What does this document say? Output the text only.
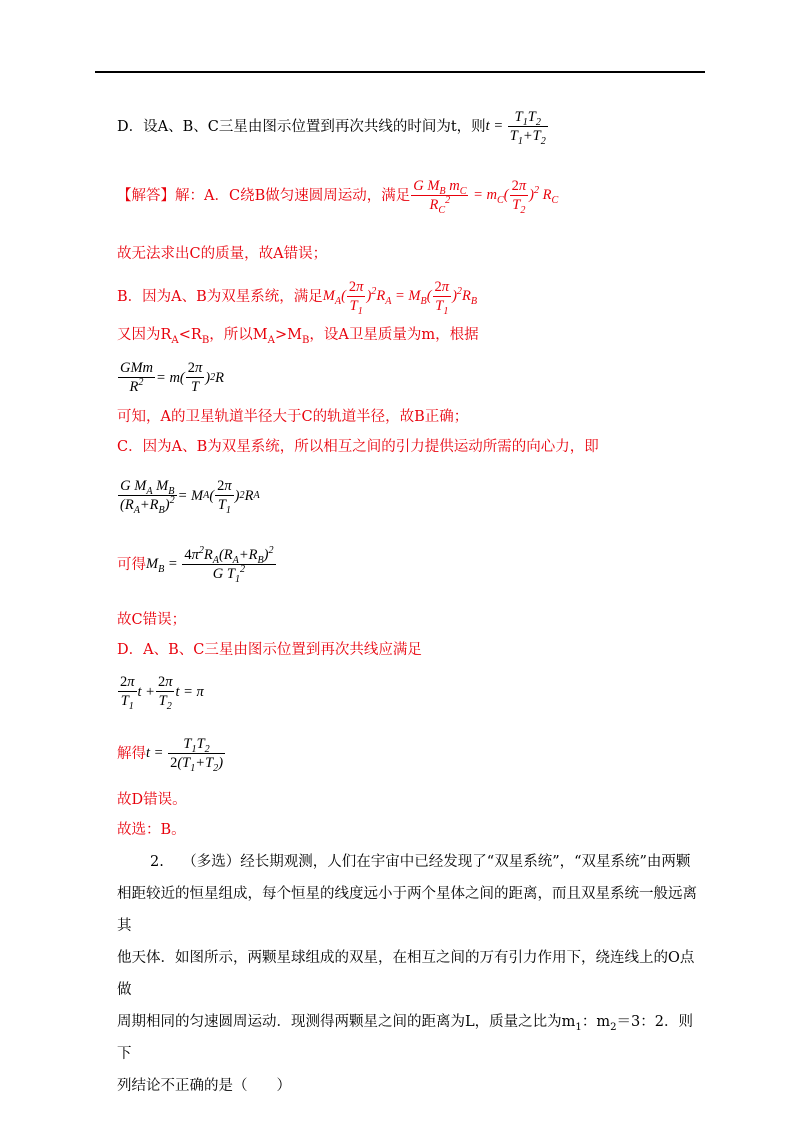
D．设A、B、C三星由图示位置到再次共线的时间为t，则 $t = \frac{T_1T_2}{T_1+T_2}$
【解答】 解：A．C绕B做匀速圆周运动，满足 $\frac{G M_B m_C}{R_C^2} = m_C( \frac{2\pi}{T_2} )^2$ $R_C$
故无法求出C的质量，故A错误；
B．因为A、B为双星系统，满足 $M_A( \frac{2\pi}{T_1} )^2R_A = M_B( \frac{2\pi}{T_1} )^2R_B$
又因为$R_A<R_B$，所以$M_A>M_B$，设A卫星质量为m，根据
$\frac{\text{GMm}}{R^2} = m( \frac{2\pi}{T}$ ) 2 R
可知，A的卫星轨道半径大于C的轨道半径，故B正确；
C．因为A、B为双星系统，所以相互之间的引力提供运动所需的向心力，即
$\frac{G M_A M_B}{(R_A+R_B)^2} = M$ A ( $\frac{2\pi}{T_1}$ ) 2 R A
可得 $M_B = \frac{4\pi^2R_A(R_A+R_B)^2}{G T_1^2}$
故C错误；
D．A、B、C三星由图示位置到再次共线应满足
$\frac{2\pi}{T_1}$ $t + \frac{2\pi}{T_2}$ t = π
解得 $t = \frac{T_1T_2}{2(T_1+T_2)}$
故D错误。
故选：B。
2. （多选）经长期观测，人们在宇宙中已经发现了“双星系统”，“双星系统”由两颗
相距较近的恒星组成，每个恒星的线度远小于两个星体之间的距离，而且双星系统一般远离其
他天体．如图所示，两颗星球组成的双星，在相互之间的万有引力作用下，绕连线上的O点做
周期相同的匀速圆周运动．现测得两颗星之间的距离为L，质量之比为$m_1$：$m_2=3$：2．则下
列结论不正确的是（　　）
